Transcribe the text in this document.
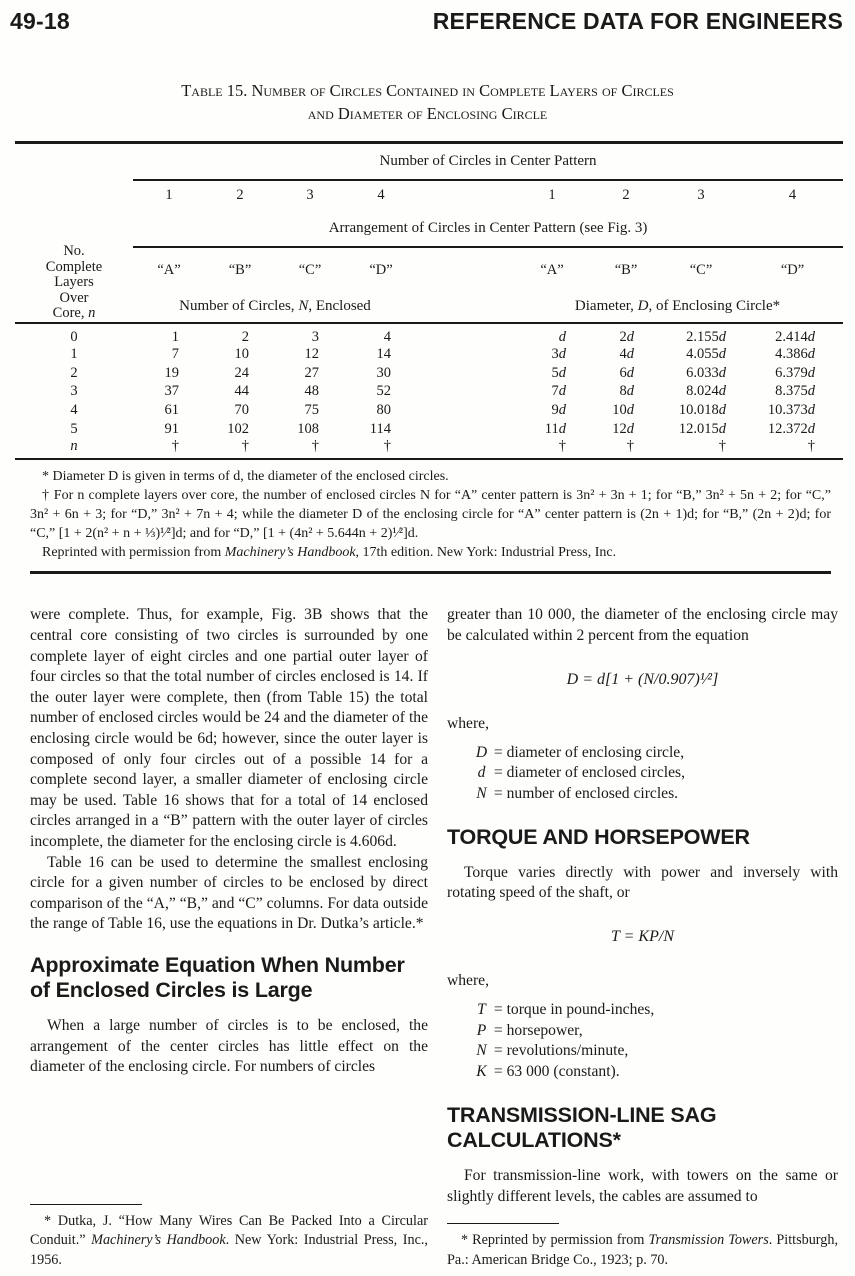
49-18	REFERENCE DATA FOR ENGINEERS
Table 15. Number of Circles Contained in Complete Layers of Circles
and Diameter of Enclosing Circle
No.
Complete
Layers
Over
Core, n	Number of Circles in Center Pattern								
	1	2	3	4		1	2	3	4
	Arrangement of Circles in Center Pattern (see Fig. 3)								
	“A”	“B”	“C”	“D”		“A”	“B”	“C”	“D”
	Number of Circles, N, Enclosed					Diameter, D, of Enclosing Circle*			
0	1	2	3	4		d	2d	2.155d	2.414d
1	7	10	12	14		3d	4d	4.055d	4.386d
2	19	24	27	30		5d	6d	6.033d	6.379d
3	37	44	48	52		7d	8d	8.024d	8.375d
4	61	70	75	80		9d	10d	10.018d	10.373d
5	91	102	108	114		11d	12d	12.015d	12.372d
n	†	†	†	†		†	†	†	†

* Diameter D is given in terms of d, the diameter of the enclosed circles.

† For n complete layers over core, the number of enclosed circles N for “A” center pattern is 3n² + 3n + 1; for “B,” 3n² + 5n + 2; for “C,” 3n² + 6n + 3; for “D,” 3n² + 7n + 4; while the diameter D of the enclosing circle for “A” center pattern is (2n + 1)d; for “B,” (2n + 2)d; for “C,” [1 + 2(n² + n + ⅓)¹⁄²]d; and for “D,” [1 + (4n² + 5.644n + 2)¹⁄²]d.

Reprinted with permission from Machinery’s Handbook, 17th edition. New York: Industrial Press, Inc.

were complete. Thus, for example, Fig. 3B shows that the central core consisting of two circles is surrounded by one complete layer of eight circles and one partial outer layer of four circles so that the total number of circles enclosed is 14. If the outer layer were complete, then (from Table 15) the total number of enclosed circles would be 24 and the diameter of the enclosing circle would be 6d; however, since the outer layer is composed of only four circles out of a possible 14 for a complete second layer, a smaller diameter of enclosing circle may be used. Table 16 shows that for a total of 14 enclosed circles arranged in a “B” pattern with the outer layer of circles incomplete, the diameter for the enclosing circle is 4.606d.

Table 16 can be used to determine the smallest enclosing circle for a given number of circles to be enclosed by direct comparison of the “A,” “B,” and “C” columns. For data outside the range of Table 16, use the equations in Dr. Dutka’s article.*

Approximate Equation When Number of Enclosed Circles is Large

When a large number of circles is to be enclosed, the arrangement of the center circles has little effect on the diameter of the enclosing circle. For numbers of circles

* Dutka, J. “How Many Wires Can Be Packed Into a Circular Conduit.” Machinery’s Handbook. New York: Industrial Press, Inc., 1956.

greater than 10 000, the diameter of the enclosing circle may be calculated within 2 percent from the equation

D = d[1 + (N/0.907)¹⁄²]
where,
D = diameter of enclosing circle,
d = diameter of enclosed circles,
N = number of enclosed circles.
TORQUE AND HORSEPOWER

Torque varies directly with power and inversely with rotating speed of the shaft, or

T = KP/N
where,
T = torque in pound-inches,
P = horsepower,
N = revolutions/minute,
K = 63 000 (constant).
TRANSMISSION-LINE SAG CALCULATIONS*

For transmission-line work, with towers on the same or slightly different levels, the cables are assumed to

* Reprinted by permission from Transmission Towers. Pittsburgh, Pa.: American Bridge Co., 1923; p. 70.
